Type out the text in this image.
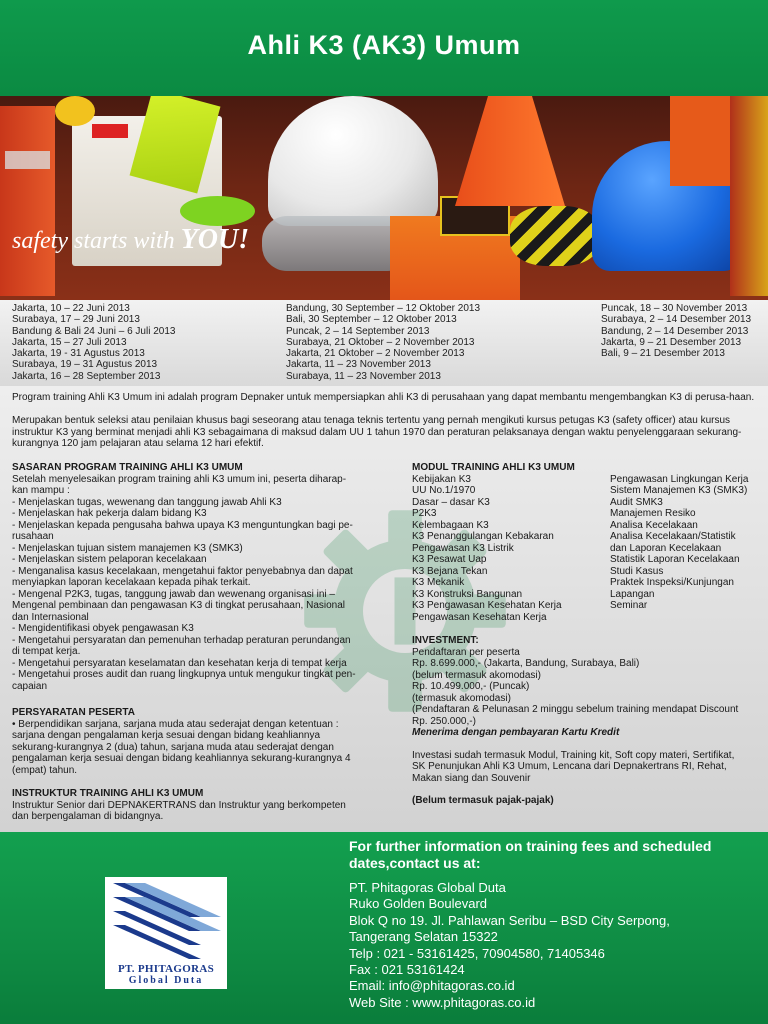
Ahli K3 (AK3) Umum
safety starts with YOU!
Jakarta, 10 – 22 Juni 2013
Surabaya, 17 – 29 Juni 2013
Bandung & Bali 24 Juni – 6 Juli 2013
Jakarta, 15 – 27 Juli 2013
Jakarta, 19 - 31 Agustus 2013
Surabaya, 19 – 31 Agustus 2013
Jakarta, 16 – 28 September 2013
Bandung, 30 September – 12 Oktober 2013
Bali, 30 September – 12 Oktober 2013
Puncak, 2 – 14 September 2013
Surabaya, 21 Oktober – 2 November 2013
Jakarta, 21 Oktober – 2 November 2013
Jakarta, 11 – 23 November 2013
Surabaya, 11 – 23 November 2013
Puncak, 18 – 30 November 2013
Surabaya, 2 – 14 Desember 2013
Bandung, 2 – 14 Desember 2013
Jakarta, 9 – 21 Desember 2013
Bali, 9 – 21 Desember 2013
Program training Ahli K3 Umum ini adalah program Depnaker untuk mempersiapkan ahli K3 di perusahaan yang dapat membantu mengembangkan K3 di perusa-haan.
Merupakan bentuk seleksi atau penilaian khusus bagi seseorang atau tenaga teknis tertentu yang pernah mengikuti kursus petugas K3 (safety officer) atau kursus instruktur K3 yang berminat menjadi ahli K3 sebagaimana di maksud dalam UU 1 tahun 1970 dan peraturan pelaksanaya dengan waktu penyelenggaraan sekurang-kurangnya 120 jam pelajaran atau selama 12 hari efektif.
SASARAN PROGRAM TRAINING AHLI K3 UMUM
Setelah menyelesaikan program training ahli K3 umum ini, peserta diharap-
kan mampu :
- Menjelaskan tugas, wewenang dan tanggung jawab Ahli K3
- Menjelaskan hak pekerja dalam bidang K3
- Menjelaskan kepada pengusaha bahwa upaya K3 menguntungkan bagi pe-
rusahaan
- Menjelaskan tujuan sistem manajemen K3 (SMK3)
- Menjelaskan sistem pelaporan kecelakaan
- Menganalisa kasus kecelakaan, mengetahui faktor penyebabnya dan dapat
menyiapkan laporan kecelakaan kepada pihak terkait.
- Mengenal P2K3, tugas, tanggung jawab dan wewenang organisasi ini –
Mengenal pembinaan dan pengawasan K3 di tingkat perusahaan, Nasional
dan Internasional
- Mengidentifikasi obyek pengawasan K3
- Mengetahui persyaratan dan pemenuhan terhadap peraturan perundangan
di tempat kerja.
- Mengetahui persyaratan keselamatan dan kesehatan kerja di tempat kerja
- Mengetahui proses audit dan ruang lingkupnya untuk mengukur tingkat pen-
capaian
PERSYARATAN PESERTA
• Berpendidikan sarjana, sarjana muda atau sederajat dengan ketentuan :
sarjana dengan pengalaman kerja sesuai dengan bidang keahliannya
sekurang-kurangnya 2 (dua) tahun, sarjana muda atau sederajat dengan
pengalaman kerja sesuai dengan bidang keahliannya sekurang-kurangnya 4
(empat) tahun.
INSTRUKTUR TRAINING AHLI K3 UMUM
Instruktur Senior dari DEPNAKERTRANS dan Instruktur yang berkompeten
dan berpengalaman di bidangnya.
MODUL TRAINING AHLI K3 UMUM
Kebijakan K3
UU No.1/1970
Dasar – dasar K3
P2K3
Kelembagaan K3
K3 Penanggulangan Kebakaran
Pengawasan K3 Listrik
K3 Pesawat Uap
K3 Bejana Tekan
K3 Mekanik
K3 Konstruksi Bangunan
K3 Pengawasan Kesehatan Kerja
Pengawasan Kesehatan Kerja
Pengawasan Lingkungan Kerja
Sistem Manajemen K3 (SMK3)
Audit SMK3
Manajemen Resiko
Analisa Kecelakaan
Analisa Kecelakaan/Statistik
dan Laporan Kecelakaan
Statistik Laporan Kecelakaan
Studi Kasus
Praktek Inspeksi/Kunjungan
Lapangan
Seminar
INVESTMENT:
Pendaftaran per peserta
Rp. 8.699.000,- (Jakarta, Bandung, Surabaya, Bali)
(belum termasuk akomodasi)
Rp. 10.499.000,- (Puncak)
(termasuk akomodasi)
(Pendaftaran & Pelunasan 2 minggu sebelum training mendapat Discount
Rp. 250.000,-)
Menerima dengan pembayaran Kartu Kredit
Investasi sudah termasuk Modul, Training kit, Soft copy materi, Sertifikat,
SK Penunjukan Ahli K3 Umum, Lencana dari Depnakertrans RI, Rehat,
Makan siang dan Souvenir
(Belum termasuk pajak-pajak)
PT. PHITAGORAS
Global Duta
For further information on training fees and scheduled
dates,contact us at:
PT. Phitagoras Global Duta
Ruko Golden Boulevard
Blok Q no 19. Jl. Pahlawan Seribu – BSD City Serpong,
Tangerang Selatan 15322
Telp : 021 - 53161425, 70904580, 71405346
Fax : 021 53161424
Email: info@phitagoras.co.id
Web Site : www.phitagoras.co.id
